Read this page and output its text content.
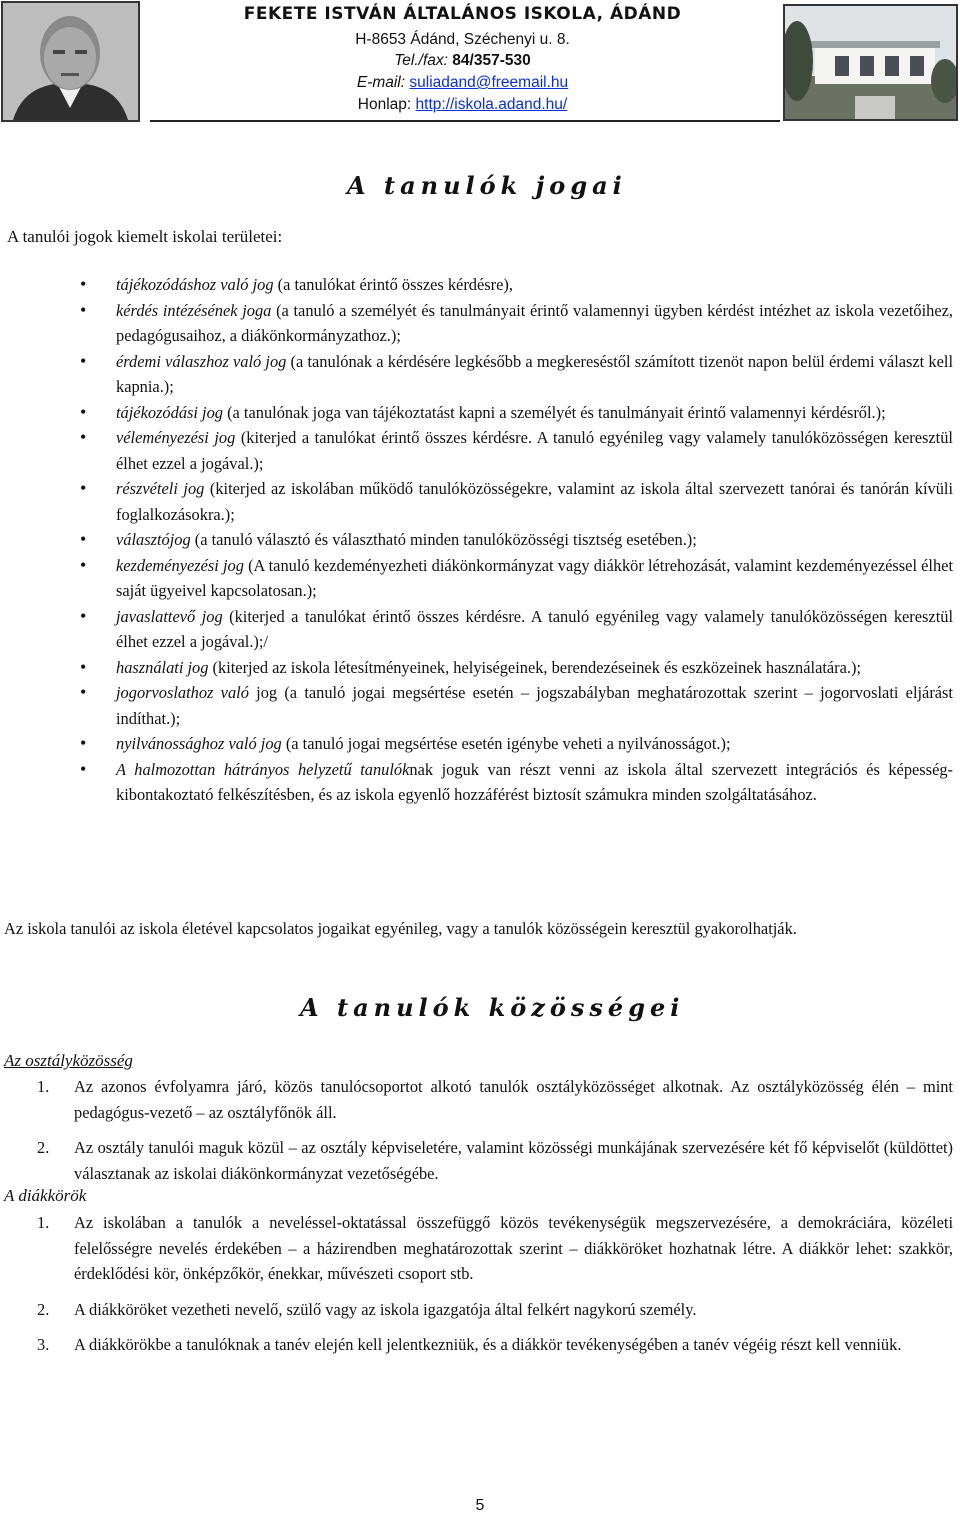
FEKETE ISTVÁN ÁLTALÁNOS ISKOLA, ÁDÁND
H-8653 Ádánd, Széchenyi u. 8.
Tel./fax: 84/357-530
E-mail: suliadand@freemail.hu
Honlap: http://iskola.adand.hu/
A tanulók jogai
A tanulói jogok kiemelt iskolai területei:
• tájékozódáshoz való jog (a tanulókat érintő összes kérdésre),
• kérdés intézésének joga (a tanuló a személyét és tanulmányait érintő valamennyi ügyben kérdést intézhet az iskola vezetőihez, pedagógusaihoz, a diákönkormányzathoz.);
• érdemi válaszhoz való jog (a tanulónak a kérdésére legkésőbb a megkereséstől számított tizenöt napon belül érdemi választ kell kapnia.);
• tájékozódási jog (a tanulónak joga van tájékoztatást kapni a személyét és tanulmányait érintő valamennyi kérdésről.);
• véleményezési jog (kiterjed a tanulókat érintő összes kérdésre. A tanuló egyénileg vagy valamely tanulóközösségen keresztül élhet ezzel a jogával.);
• részvételi jog (kiterjed az iskolában működő tanulóközösségekre, valamint az iskola által szervezett tanórai és tanórán kívüli foglalkozásokra.);
• választójog (a tanuló választó és választható minden tanulóközösségi tisztség esetében.);
• kezdeményezési jog (A tanuló kezdeményezheti diákönkormányzat vagy diákkör létrehozását, valamint kezdeményezéssel élhet saját ügyeivel kapcsolatosan.);
• javaslattevő jog (kiterjed a tanulókat érintő összes kérdésre. A tanuló egyénileg vagy valamely tanulóközösségen keresztül élhet ezzel a jogával.);/
• használati jog (kiterjed az iskola létesítményeinek, helyiségeinek, berendezéseinek és eszközeinek használatára.);
• jogorvoslathoz való jog (a tanuló jogai megsértése esetén – jogszabályban meghatározottak szerint – jogorvoslati eljárást indíthat.);
• nyilvánossághoz való jog (a tanuló jogai megsértése esetén igénybe veheti a nyilvánosságot.);
• A halmozottan hátrányos helyzetű tanulóknak joguk van részt venni az iskola által szervezett integrációs és képesség-kibontakoztató felkészítésben, és az iskola egyenlő hozzáférést biztosít számukra minden szolgáltatásához.
Az iskola tanulói az iskola életével kapcsolatos jogaikat egyénileg, vagy a tanulók közösségein keresztül gyakorolhatják.
A tanulók közösségei
Az osztályközösség
1. Az azonos évfolyamra járó, közös tanulócsoportot alkotó tanulók osztályközösséget alkotnak. Az osztályközösség élén – mint pedagógus-vezető – az osztályfőnök áll.
2. Az osztály tanulói maguk közül – az osztály képviseletére, valamint közösségi munkájának szervezésére két fő képviselőt (küldöttet) választanak az iskolai diákönkormányzat vezetőségébe.
A diákkörök
1. Az iskolában a tanulók a neveléssel-oktatással összefüggő közös tevékenységük megszervezésére, a demokráciára, közéleti felelősségre nevelés érdekében – a házirendben meghatározottak szerint – diákköröket hozhatnak létre. A diákkör lehet: szakkör, érdeklődési kör, önképzőkör, énekkar, művészeti csoport stb.
2. A diákköröket vezetheti nevelő, szülő vagy az iskola igazgatója által felkért nagykorú személy.
3. A diákkörökbe a tanulóknak a tanév elején kell jelentkezniük, és a diákkör tevékenységében a tanév végéig részt kell venniük.
5
